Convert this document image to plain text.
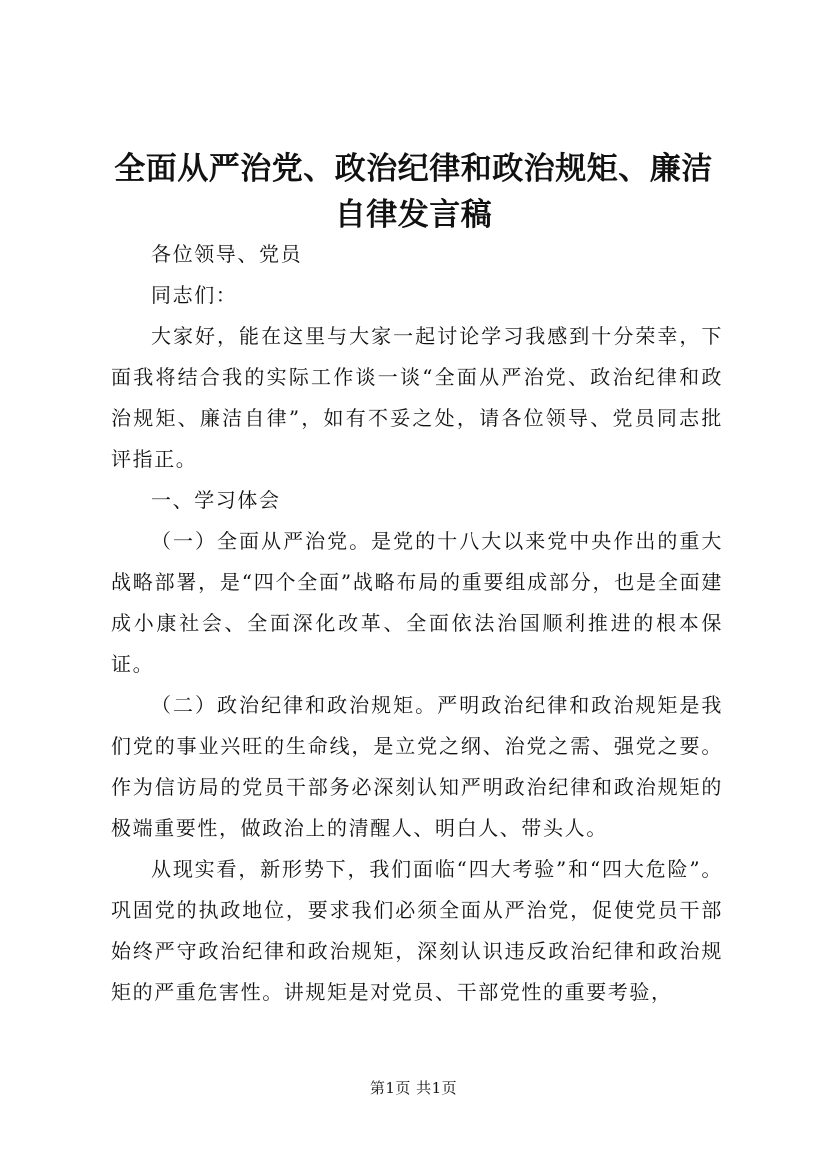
全面从严治党、政治纪律和政治规矩、廉洁自律发言稿

各位领导、党员

同志们：

大家好，能在这里与大家一起讨论学习我感到十分荣幸，下面我将结合我的实际工作谈一谈“全面从严治党、政治纪律和政治规矩、廉洁自律”，如有不妥之处，请各位领导、党员同志批评指正。

一、学习体会

（一）全面从严治党。是党的十八大以来党中央作出的重大战略部署，是“四个全面”战略布局的重要组成部分，也是全面建成小康社会、全面深化改革、全面依法治国顺利推进的根本保证。

（二）政治纪律和政治规矩。严明政治纪律和政治规矩是我们党的事业兴旺的生命线，是立党之纲、治党之需、强党之要。作为信访局的党员干部务必深刻认知严明政治纪律和政治规矩的极端重要性，做政治上的清醒人、明白人、带头人。

从现实看，新形势下，我们面临“四大考验”和“四大危险”。巩固党的执政地位，要求我们必须全面从严治党，促使党员干部始终严守政治纪律和政治规矩，深刻认识违反政治纪律和政治规矩的严重危害性。讲规矩是对党员、干部党性的重要考验，

第1页 共1页
